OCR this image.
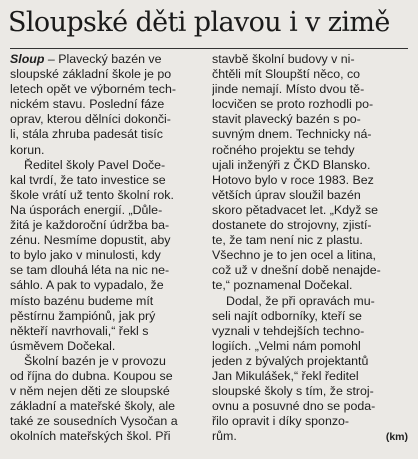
Sloupské děti plavou i v zimě
Sloup – Plavecký bazén ve
sloupské základní škole je po
letech opět ve výborném tech-
nickém stavu. Poslední fáze
oprav, kterou dělníci dokonči-
li, stála zhruba padesát tisíc
korun.
Ředitel školy Pavel Doče-
kal tvrdí, že tato investice se
škole vrátí už tento školní rok.
Na úsporách energií. „Důle-
žitá je každoroční údržba ba-
zénu. Nesmíme dopustit, aby
to bylo jako v minulosti, kdy
se tam dlouhá léta na nic ne-
sáhlo. A pak to vypadalo, že
místo bazénu budeme mít
pěstírnu žampiónů, jak prý
někteří navrhovali,“ řekl s
úsměvem Dočekal.
Školní bazén je v provozu
od října do dubna. Koupou se
v něm nejen děti ze sloupské
základní a mateřské školy, ale
také ze sousedních Vysočan a
okolních mateřských škol. Při
stavbě školní budovy v ni-
čhtěli mít Sloupští něco, co
jinde nemají. Místo dvou tě-
locvičen se proto rozhodli po-
stavit plavecký bazén s po-
suvným dnem. Technicky ná-
ročného projektu se tehdy
ujali inženýři z ČKD Blansko.
Hotovo bylo v roce 1983. Bez
větších úprav sloužil bazén
skoro pětadvacet let. „Když se
dostanete do strojovny, zjistí-
te, že tam není nic z plastu.
Všechno je to jen ocel a litina,
což už v dnešní době nenajde-
te,“ poznamenal Dočekal.
Dodal, že při opravách mu-
seli najít odborníky, kteří se
vyznali v tehdejších techno-
logiích. „Velmi nám pomohl
jeden z bývalých projektantů
Jan Mikulášek,“ řekl ředitel
sloupské školy s tím, že stroj-
ovnu a posuvné dno se poda-
řilo opravit i díky sponzo-
rům.	(km)
